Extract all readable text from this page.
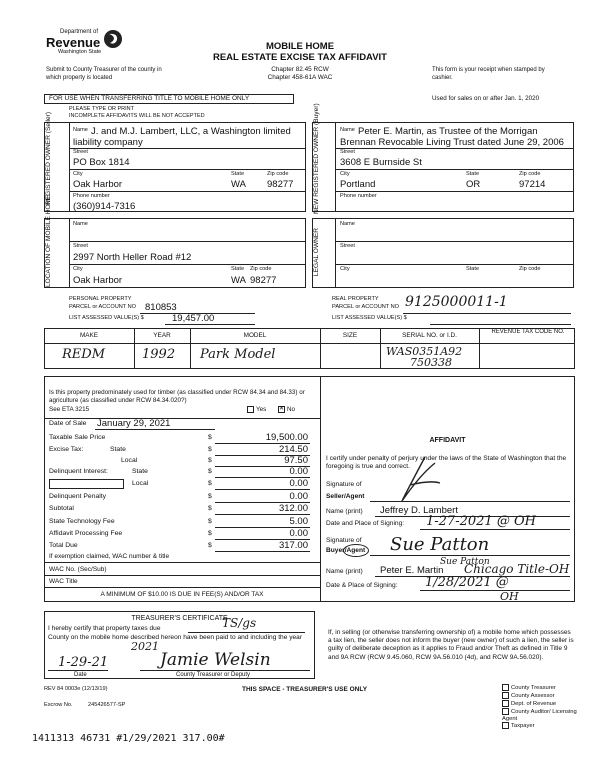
Department of
Revenue
Washington State
Submit to County Treasurer of the county in which property is located
MOBILE HOME
REAL ESTATE EXCISE TAX AFFIDAVIT
Chapter 82.45 RCW
Chapter 458-61A WAC
This form is your receipt when stamped by cashier.
FOR USE WHEN TRANSFERRING TITLE TO MOBILE HOME ONLY	Used for sales on or after Jan. 1, 2020
PLEASE TYPE OR PRINT
INCOMPLETE AFFIDAVITS WILL BE NOT ACCEPTED
REGISTERED OWNER (Seller)	Name J. and M.J. Lambert, LLC, a Washington limited
liability company
Street
PO Box 1814
City	State	Zip code
Oak Harbor	WA 98277
Phone number
(360)914-7316	NEW REGISTERED OWNER (Buyer)	Name Peter E. Martin, as Trustee of the Morrigan
Brennan Revocable Living Trust dated June 29, 2006
Street
3608 E Burnside St
City	State	Zip code
Portland	OR	97214
Phone number
LOCATION OF MOBILE HOME	Name
Street
2997 North Heller Road #12
City	State Zip code
Oak Harbor	WA 98277
LEGAL OWNER
Name
Street
City	State	Zip code
PERSONAL PROPERTY
PARCEL or ACCOUNT NO 810853
LIST ASSESSED VALUE(S) $	19,457.00
REAL PROPERTY
PARCEL or ACCOUNT NO 9125000011-1
LIST ASSESSED VALUE(S) $
MAKE	YEAR	MODEL	SIZE	SERIAL NO. or I.D.	REVENUE TAX CODE NO.
REDM	1992 Park Model	WAS0351A92
750338
Is this property predominately used for timber (as classified under RCW 84.34 and 84.33) or agriculture (as classified under RCW 84.34.020?)
See ETA 3215	Yes ✕ No
Date of Sale January 29, 2021
Taxable Sale Price	$	19,500.00
Excise Tax:	State	$	214.50
Local	$	97.50
Delinquent Interest:	State	$	0.00
Local	$	0.00
Delinquent Penalty	$	0.00
Subtotal	$	312.00
State Technology Fee	$	5.00
Affidavit Processing Fee	$	0.00
Total Due	$	317.00
If exemption claimed, WAC number & title
WAC No. (Sec/Sub)
WAC Title
A MINIMUM OF $10.00 IS DUE IN FEE(S) AND/OR TAX
AFFIDAVIT
I certify under penalty of perjury under the laws of the State of Washington that the foregoing is true and correct.
Signature of
Seller/Agent
Name (print) Jeffrey D. Lambert
Date and Place of Signing: 1-27-2021 @ OH
Signature of
Buyer/Agent Sue Patton
Sue Patton
Name (print) Peter E. Martin Chicago Title-OH
Date & Place of Signing: 1/28/2021 @
OH
TREASURER'S CERTIFICATE
I hereby certify that property taxes due	TS/gs
County on the mobile home described hereon have been paid to and including the year
2021
1-29-21	Jamie Welsin
Date	County Treasurer or Deputy
If, in selling (or otherwise transferring ownership of) a mobile home which possesses a tax lien, the seller does not inform the buyer (new owner) of such a lien, the seller is guilty of deliberate deception as it applies to Fraud and/or Theft as defined in Title 9 and 9A RCW (RCW 9.45.060, RCW 9A.56.010 (4d), and RCW 9A.56.020).
REV 84 0003e (12/13/19)	THIS SPACE - TREASURER'S USE ONLY
Escrow No.	245426577-SP
County Treasurer
County Assessor
Dept. of Revenue
County Auditor/ Licensing Agent
Taxpayer
1411313 46731 #1/29/2021 317.00#
